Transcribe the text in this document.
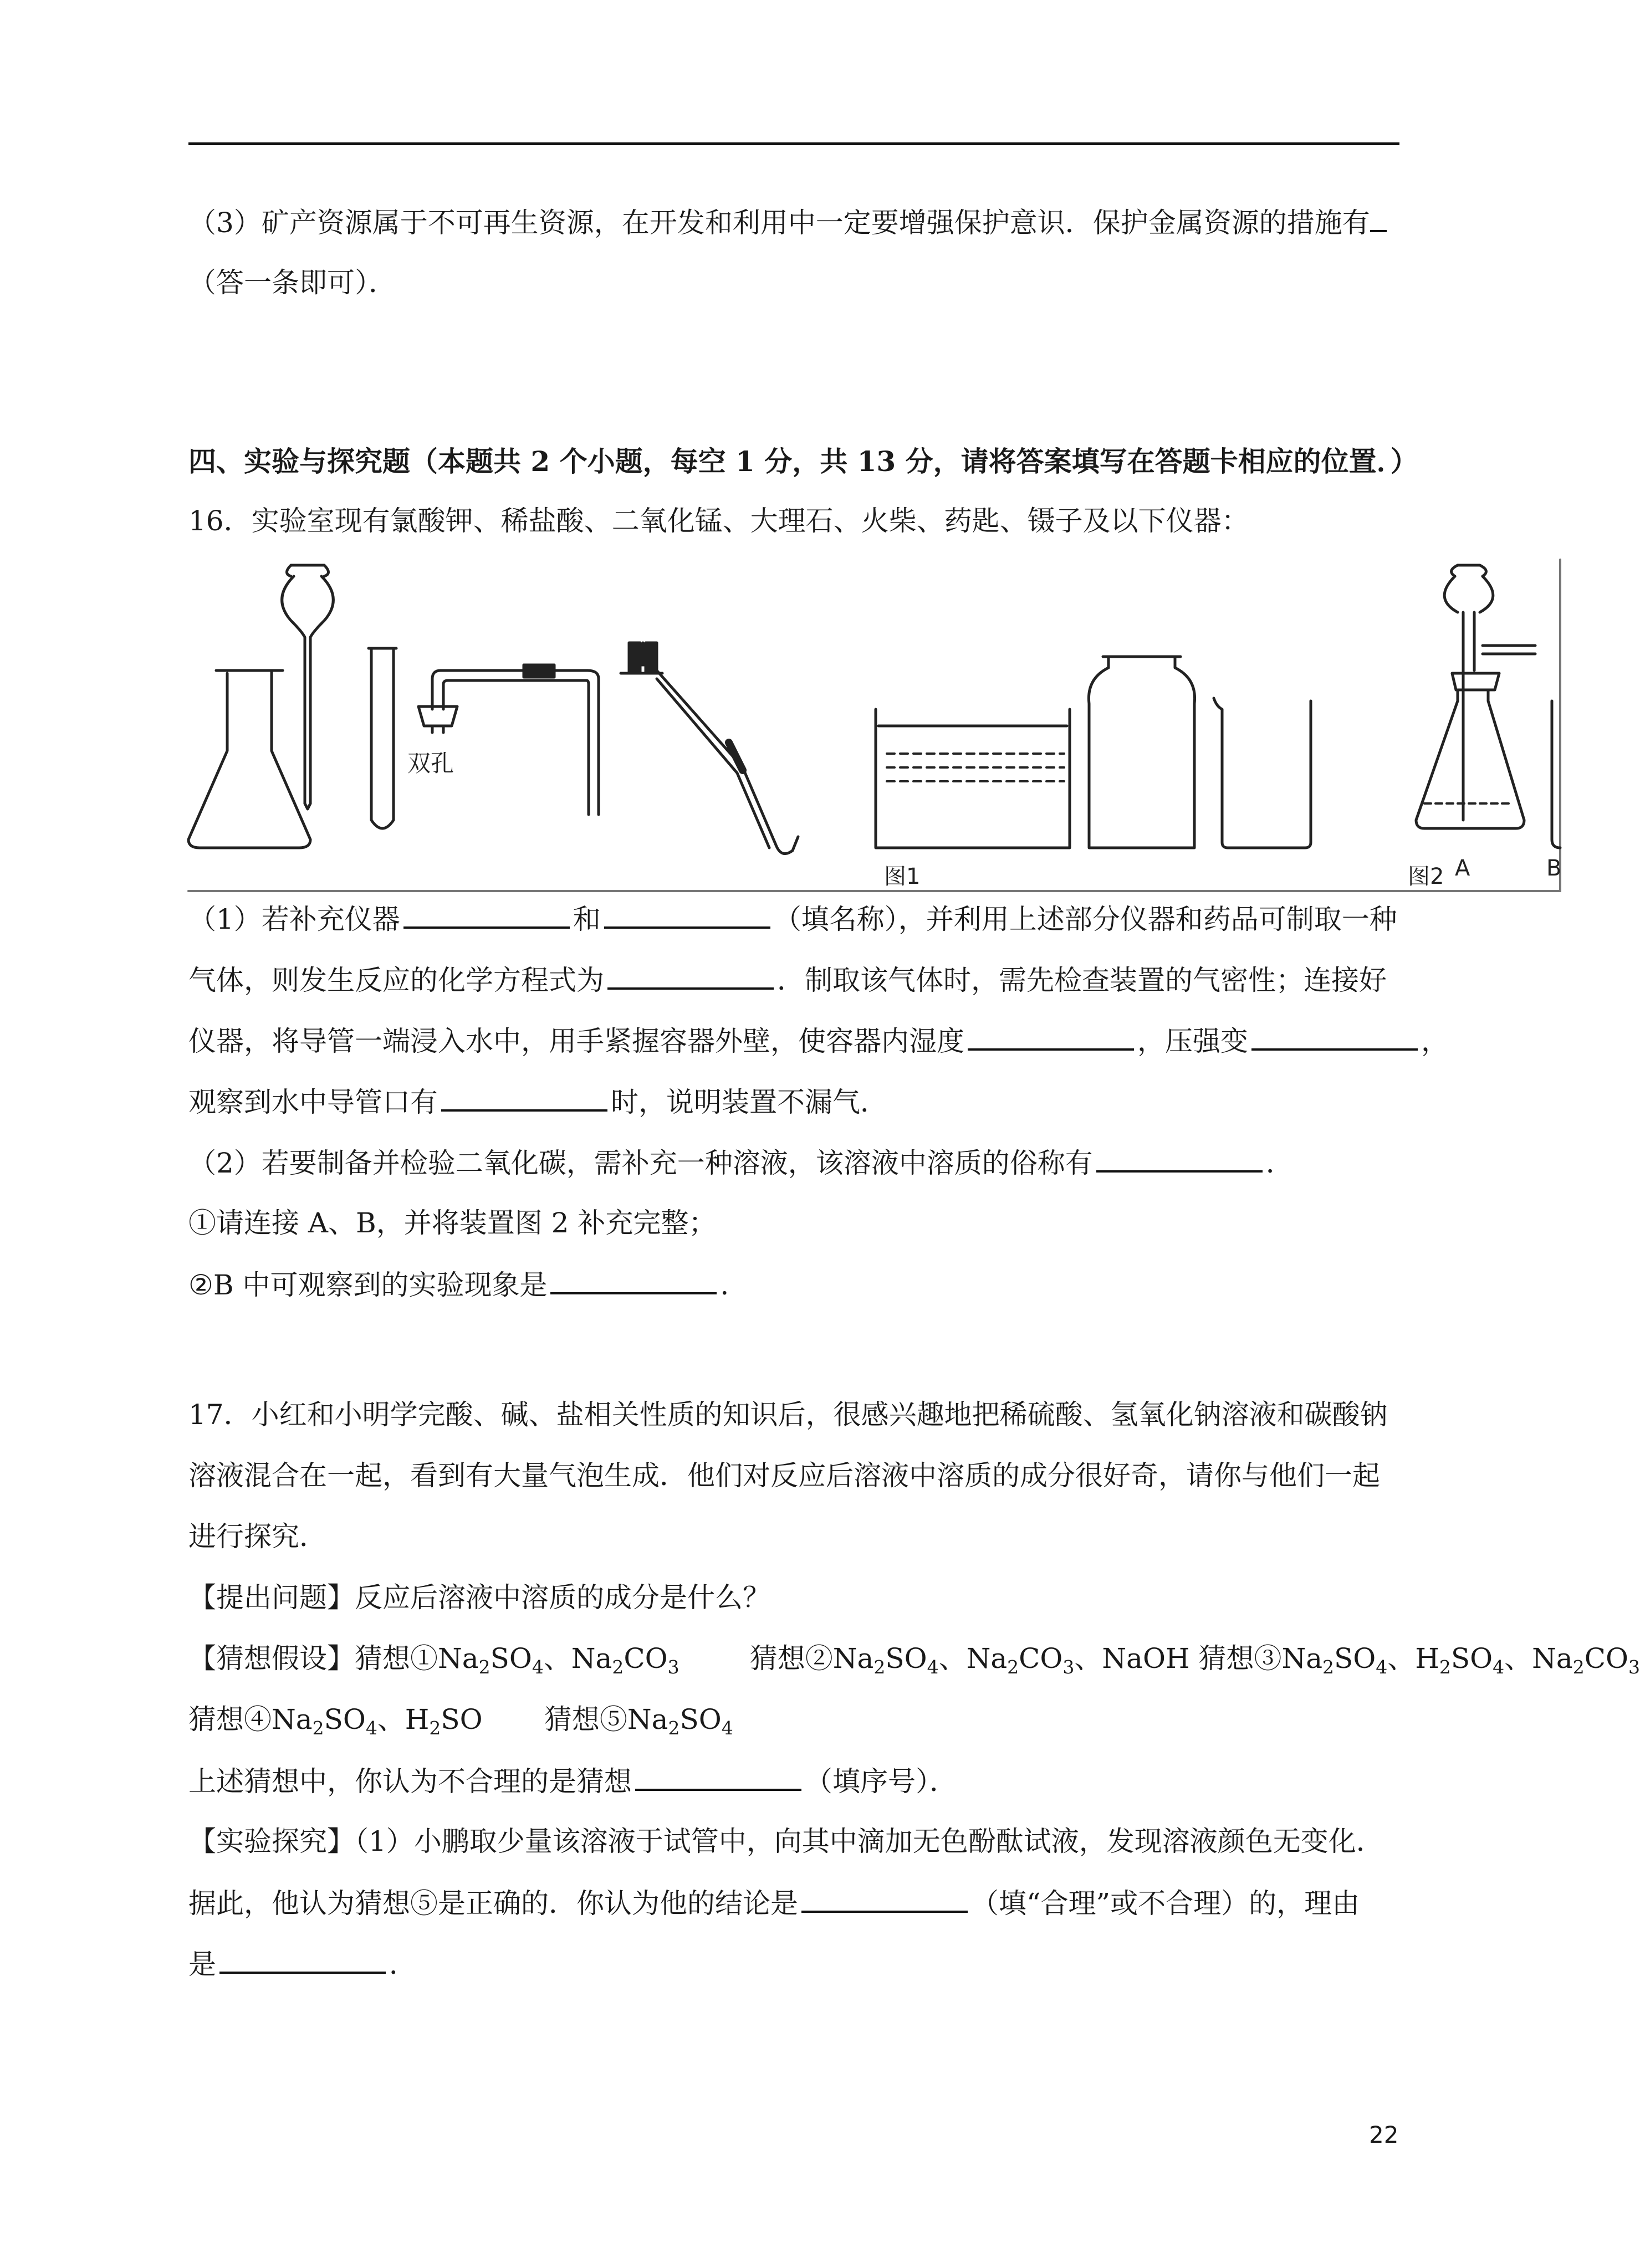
（3）矿产资源属于不可再生资源，在开发和利用中一定要增强保护意识．保护金属资源的措施有
（答一条即可）．
四、实验与探究题（本题共 2 个小题，每空 1 分，共 13 分，请将答案填写在答题卡相应的位置．）
16．实验室现有氯酸钾、稀盐酸、二氧化锰、大理石、火柴、药匙、镊子及以下仪器：
双孔
A	B
图1	图2
（1）若补充仪器	和	（填名称），并利用上述部分仪器和药品可制取一种
气体，则发生反应的化学方程式为	．制取该气体时，需先检查装置的气密性；连接好
仪器，将导管一端浸入水中，用手紧握容器外壁，使容器内湿度	，压强变	，
观察到水中导管口有	时，说明装置不漏气．
（2）若要制备并检验二氧化碳，需补充一种溶液，该溶液中溶质的俗称有	．
①请连接 A、B，并将装置图 2 补充完整；
②B 中可观察到的实验现象是	．
17．小红和小明学完酸、碱、盐相关性质的知识后，很感兴趣地把稀硫酸、氢氧化钠溶液和碳酸钠
溶液混合在一起，看到有大量气泡生成．他们对反应后溶液中溶质的成分很好奇，请你与他们一起
进行探究．
【提出问题】反应后溶液中溶质的成分是什么？
【猜想假设】猜想$①Na_2SO_4$、$Na_2CO_3$	猜想$②Na_2SO_4$、$Na_2CO_3$、NaOH 猜想$③Na_2SO_4$、$H_2SO_4$、$Na_2CO_3$
猜想$④Na_2SO_4$、$H_2SO$       猜想$⑤Na_2SO_4$
上述猜想中，你认为不合理的是猜想	（填序号）．
【实验探究】（1）小鹏取少量该溶液于试管中，向其中滴加无色酚酞试液，发现溶液颜色无变化．
据此，他认为猜想⑤是正确的．你认为他的结论是	（填“合理”或不合理）的，理由
是	．
22
